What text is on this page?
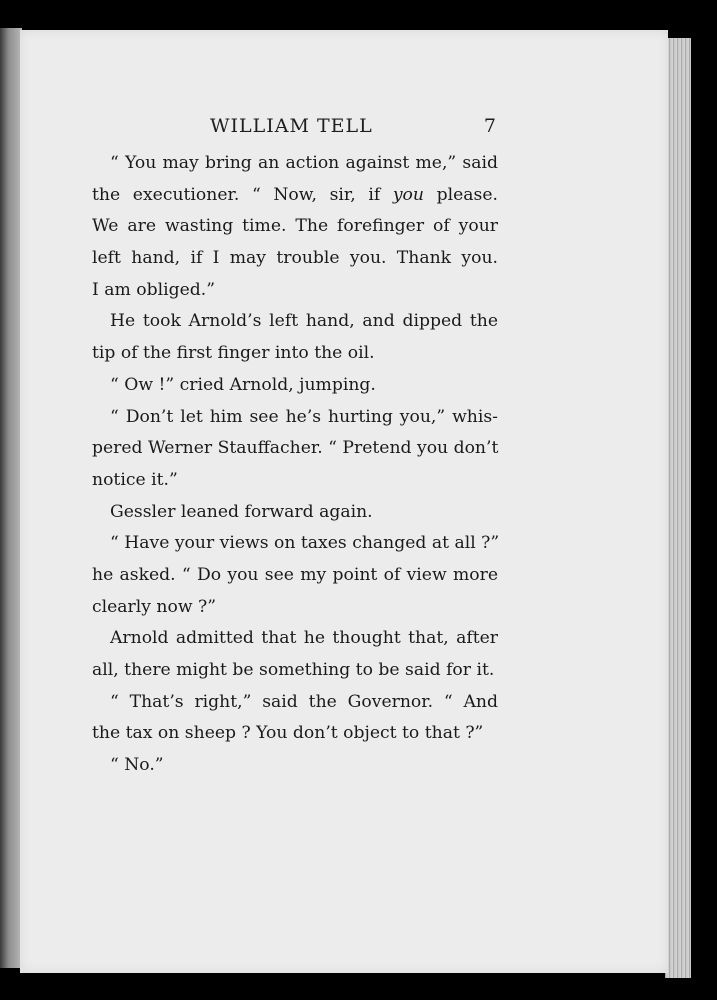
WILLIAM TELL	7
“ You may bring an action against me,” said
the executioner. “ Now, sir, if you please.
We are wasting time. The forefinger of your
left hand, if I may trouble you. Thank you.
I am obliged.”
He took Arnold’s left hand, and dipped the
tip of the first finger into the oil.
“ Ow !” cried Arnold, jumping.
“ Don’t let him see he’s hurting you,” whis-
pered Werner Stauffacher. “ Pretend you don’t
notice it.”
Gessler leaned forward again.
“ Have your views on taxes changed at all ?”
he asked. “ Do you see my point of view more
clearly now ?”
Arnold admitted that he thought that, after
all, there might be something to be said for it.
“ That’s right,” said the Governor. “ And
the tax on sheep ? You don’t object to that ?”
“ No.”
